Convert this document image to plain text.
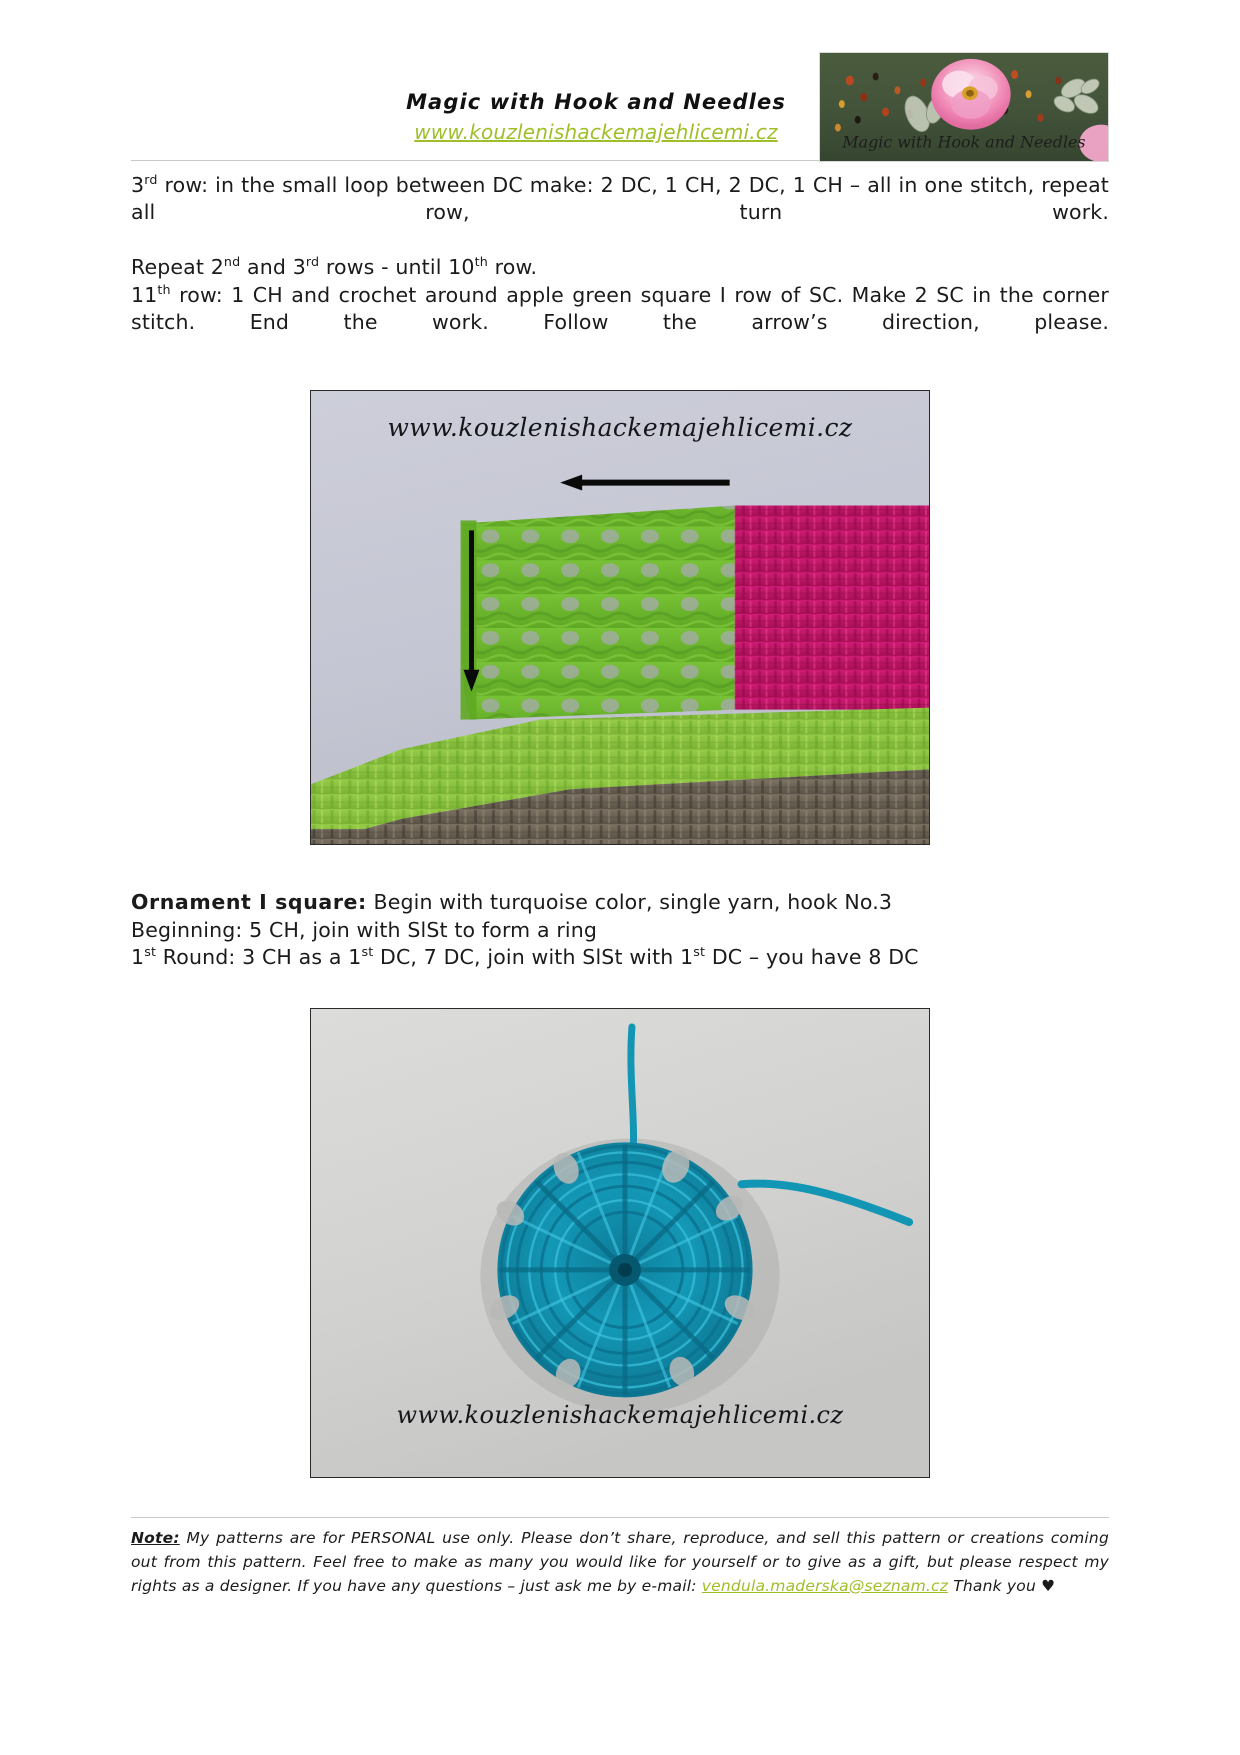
Magic with Hook and Needles
www.kouzlenishackemajehlicemi.cz	Magic with Hook and Needles
3rd row: in the small loop between DC make: 2 DC, 1 CH, 2 DC, 1 CH – all in one stitch, repeat all row, turn work.
Repeat 2nd and 3rd rows - until 10th row.
11th row: 1 CH and crochet around apple green square I row of SC. Make 2 SC in the corner stitch. End the work. Follow the arrow’s direction, please.
www.kouzlenishackemajehlicemi.cz
Ornament I square: Begin with turquoise color, single yarn, hook No.3
Beginning: 5 CH, join with SlSt to form a ring
1st Round: 3 CH as a 1st DC, 7 DC, join with SlSt with 1st DC – you have 8 DC
www.kouzlenishackemajehlicemi.cz
Note: My patterns are for PERSONAL use only. Please don’t share, reproduce, and sell this pattern or creations coming out from this pattern. Feel free to make as many you would like for yourself or to give as a gift, but please respect my rights as a designer. If you have any questions – just ask me by e-mail: vendula.maderska@seznam.cz Thank you ♥
